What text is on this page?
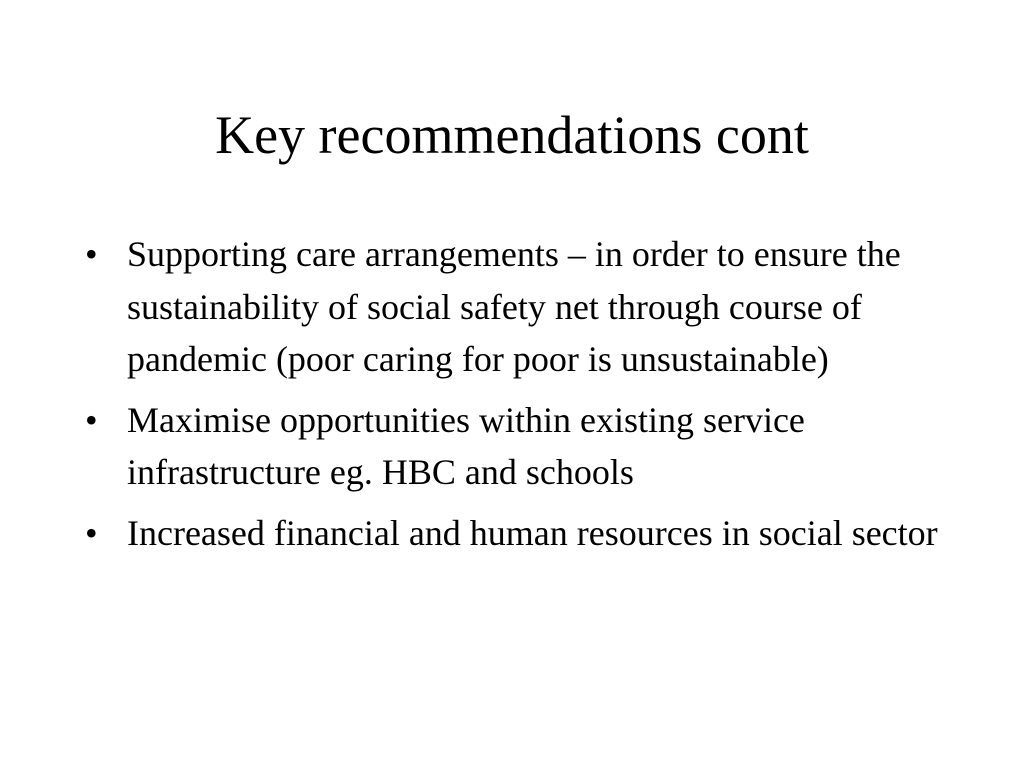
Key recommendations cont
• Supporting care arrangements – in order to ensure the sustainability of social safety net through course of pandemic (poor caring for poor is unsustainable)
• Maximise opportunities within existing service infrastructure eg. HBC and schools
• Increased financial and human resources in social sector
